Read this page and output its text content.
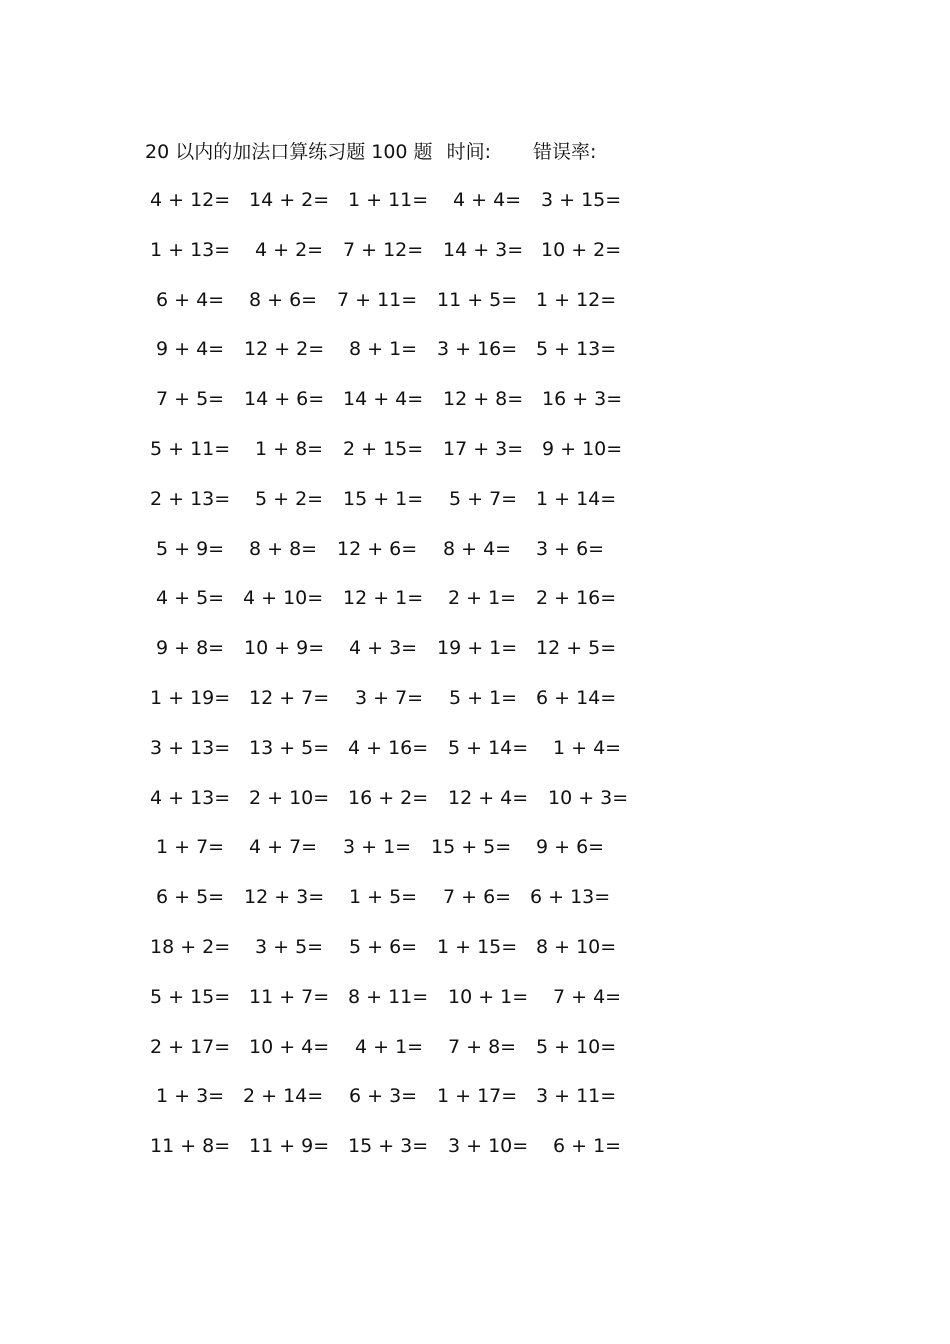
20 以内的加法口算练习题 100 题 时间: 错误率:
4 + 12= 14 + 2= 1 + 11= 4 + 4= 3 + 15=
1 + 13= 4 + 2= 7 + 12= 14 + 3= 10 + 2=
6 + 4= 8 + 6= 7 + 11= 11 + 5= 1 + 12=
9 + 4= 12 + 2= 8 + 1= 3 + 16= 5 + 13=
7 + 5= 14 + 6= 14 + 4= 12 + 8= 16 + 3=
5 + 11= 1 + 8= 2 + 15= 17 + 3= 9 + 10=
2 + 13= 5 + 2= 15 + 1= 5 + 7= 1 + 14=
5 + 9= 8 + 8= 12 + 6= 8 + 4= 3 + 6=
4 + 5= 4 + 10= 12 + 1= 2 + 1= 2 + 16=
9 + 8= 10 + 9= 4 + 3= 19 + 1= 12 + 5=
1 + 19= 12 + 7= 3 + 7= 5 + 1= 6 + 14=
3 + 13= 13 + 5= 4 + 16= 5 + 14= 1 + 4=
4 + 13= 2 + 10= 16 + 2= 12 + 4= 10 + 3=
1 + 7= 4 + 7= 3 + 1= 15 + 5= 9 + 6=
6 + 5= 12 + 3= 1 + 5= 7 + 6= 6 + 13=
18 + 2= 3 + 5= 5 + 6= 1 + 15= 8 + 10=
5 + 15= 11 + 7= 8 + 11= 10 + 1= 7 + 4=
2 + 17= 10 + 4= 4 + 1= 7 + 8= 5 + 10=
1 + 3= 2 + 14= 6 + 3= 1 + 17= 3 + 11=
11 + 8= 11 + 9= 15 + 3= 3 + 10= 6 + 1=
